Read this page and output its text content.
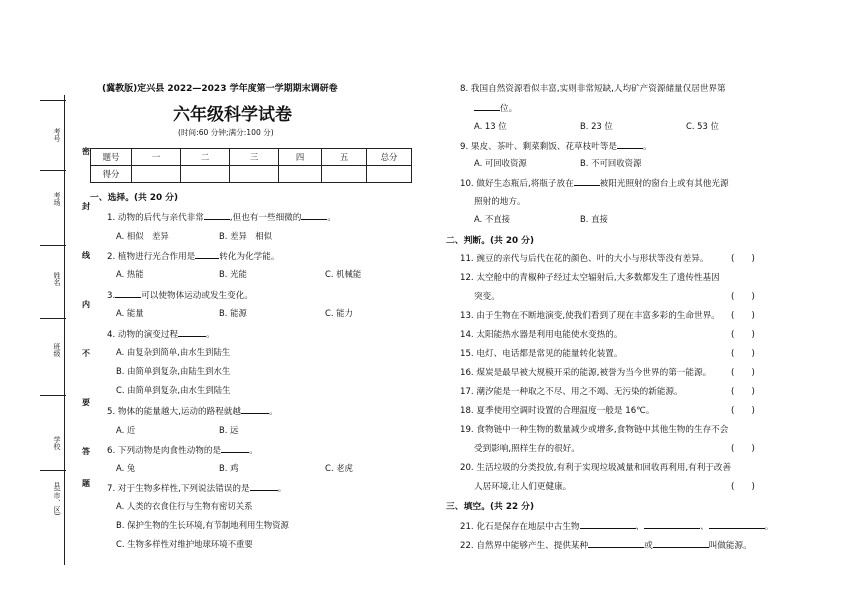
考号
考场
姓名
班级
学校
县(市、区)
密
封
线
内
不
要
答
题
(冀教版)定兴县 2022—2023 学年度第一学期期末调研卷
六年级科学试卷
(时间:60 分钟;满分:100 分)
题号	一	二	三	四	五	总分
得分						
一、选择。(共 20 分)
1. 动物的后代与亲代非常	,但也有一些细微的	。
A. 相似　差异	B. 差异　相似
2. 植物进行光合作用是	转化为化学能。
A. 热能	B. 光能	C. 机械能
3.	可以使物体运动或发生变化。
A. 能量	B. 能源	C. 能力
4. 动物的演变过程	。
A. 由复杂到简单,由水生到陆生
B. 由简单到复杂,由陆生到水生
C. 由简单到复杂,由水生到陆生
5. 物体的能量越大,运动的路程就越	。
A. 近	B. 远
6. 下列动物是肉食性动物的是	。
A. 兔	B. 鸡	C. 老虎
7. 对于生物多样性,下列说法错误的是	。
A. 人类的衣食住行与生物有密切关系
B. 保护生物的生长环境,有节制地利用生物资源
C. 生物多样性对维护地球环境不重要
8. 我国自然资源看似丰富,实则非常短缺,人均矿产资源储量仅居世界第
位。
A. 13 位	B. 23 位	C. 53 位
9. 果皮、茶叶、剩菜剩饭、花草枝叶等是	。
A. 可回收资源	B. 不可回收资源
10. 做好生态瓶后,将瓶子放在	被阳光照射的窗台上或有其他光源
照射的地方。
A. 不直接	B. 直接
二、判断。(共 20 分)
11. 豌豆的亲代与后代在花的颜色、叶的大小与形状等没有差异。	(　　)
12. 太空舱中的青椒种子经过太空辐射后,大多数都发生了遗传性基因
突变。	(　　)
13. 由于生物在不断地演变,使我们看到了现在丰富多彩的生命世界。 (　　)
14. 太阳能热水器是利用电能使水变热的。	(　　)
15. 电灯、电话都是常见的能量转化装置。	(　　)
16. 煤炭是最早被大规模开采的能源,被誉为当今世界的第一能源。 (　　)
17. 潮汐能是一种取之不尽、用之不竭、无污染的新能源。	(　　)
18. 夏季使用空调时设置的合理温度一般是 16℃。	(　　)
19. 食物链中一种生物的数量减少或增多,食物链中其他生物的生存不会
受到影响,照样生存的很好。	(　　)
20. 生活垃圾的分类投放,有利于实现垃圾减量和回收再利用,有利于改善
人居环境,让人们更健康。	(　　)
三、填空。(共 22 分)
21. 化石是保存在地层中古生物	、	、	。
22. 自然界中能够产生、提供某种	或	叫做能源。
